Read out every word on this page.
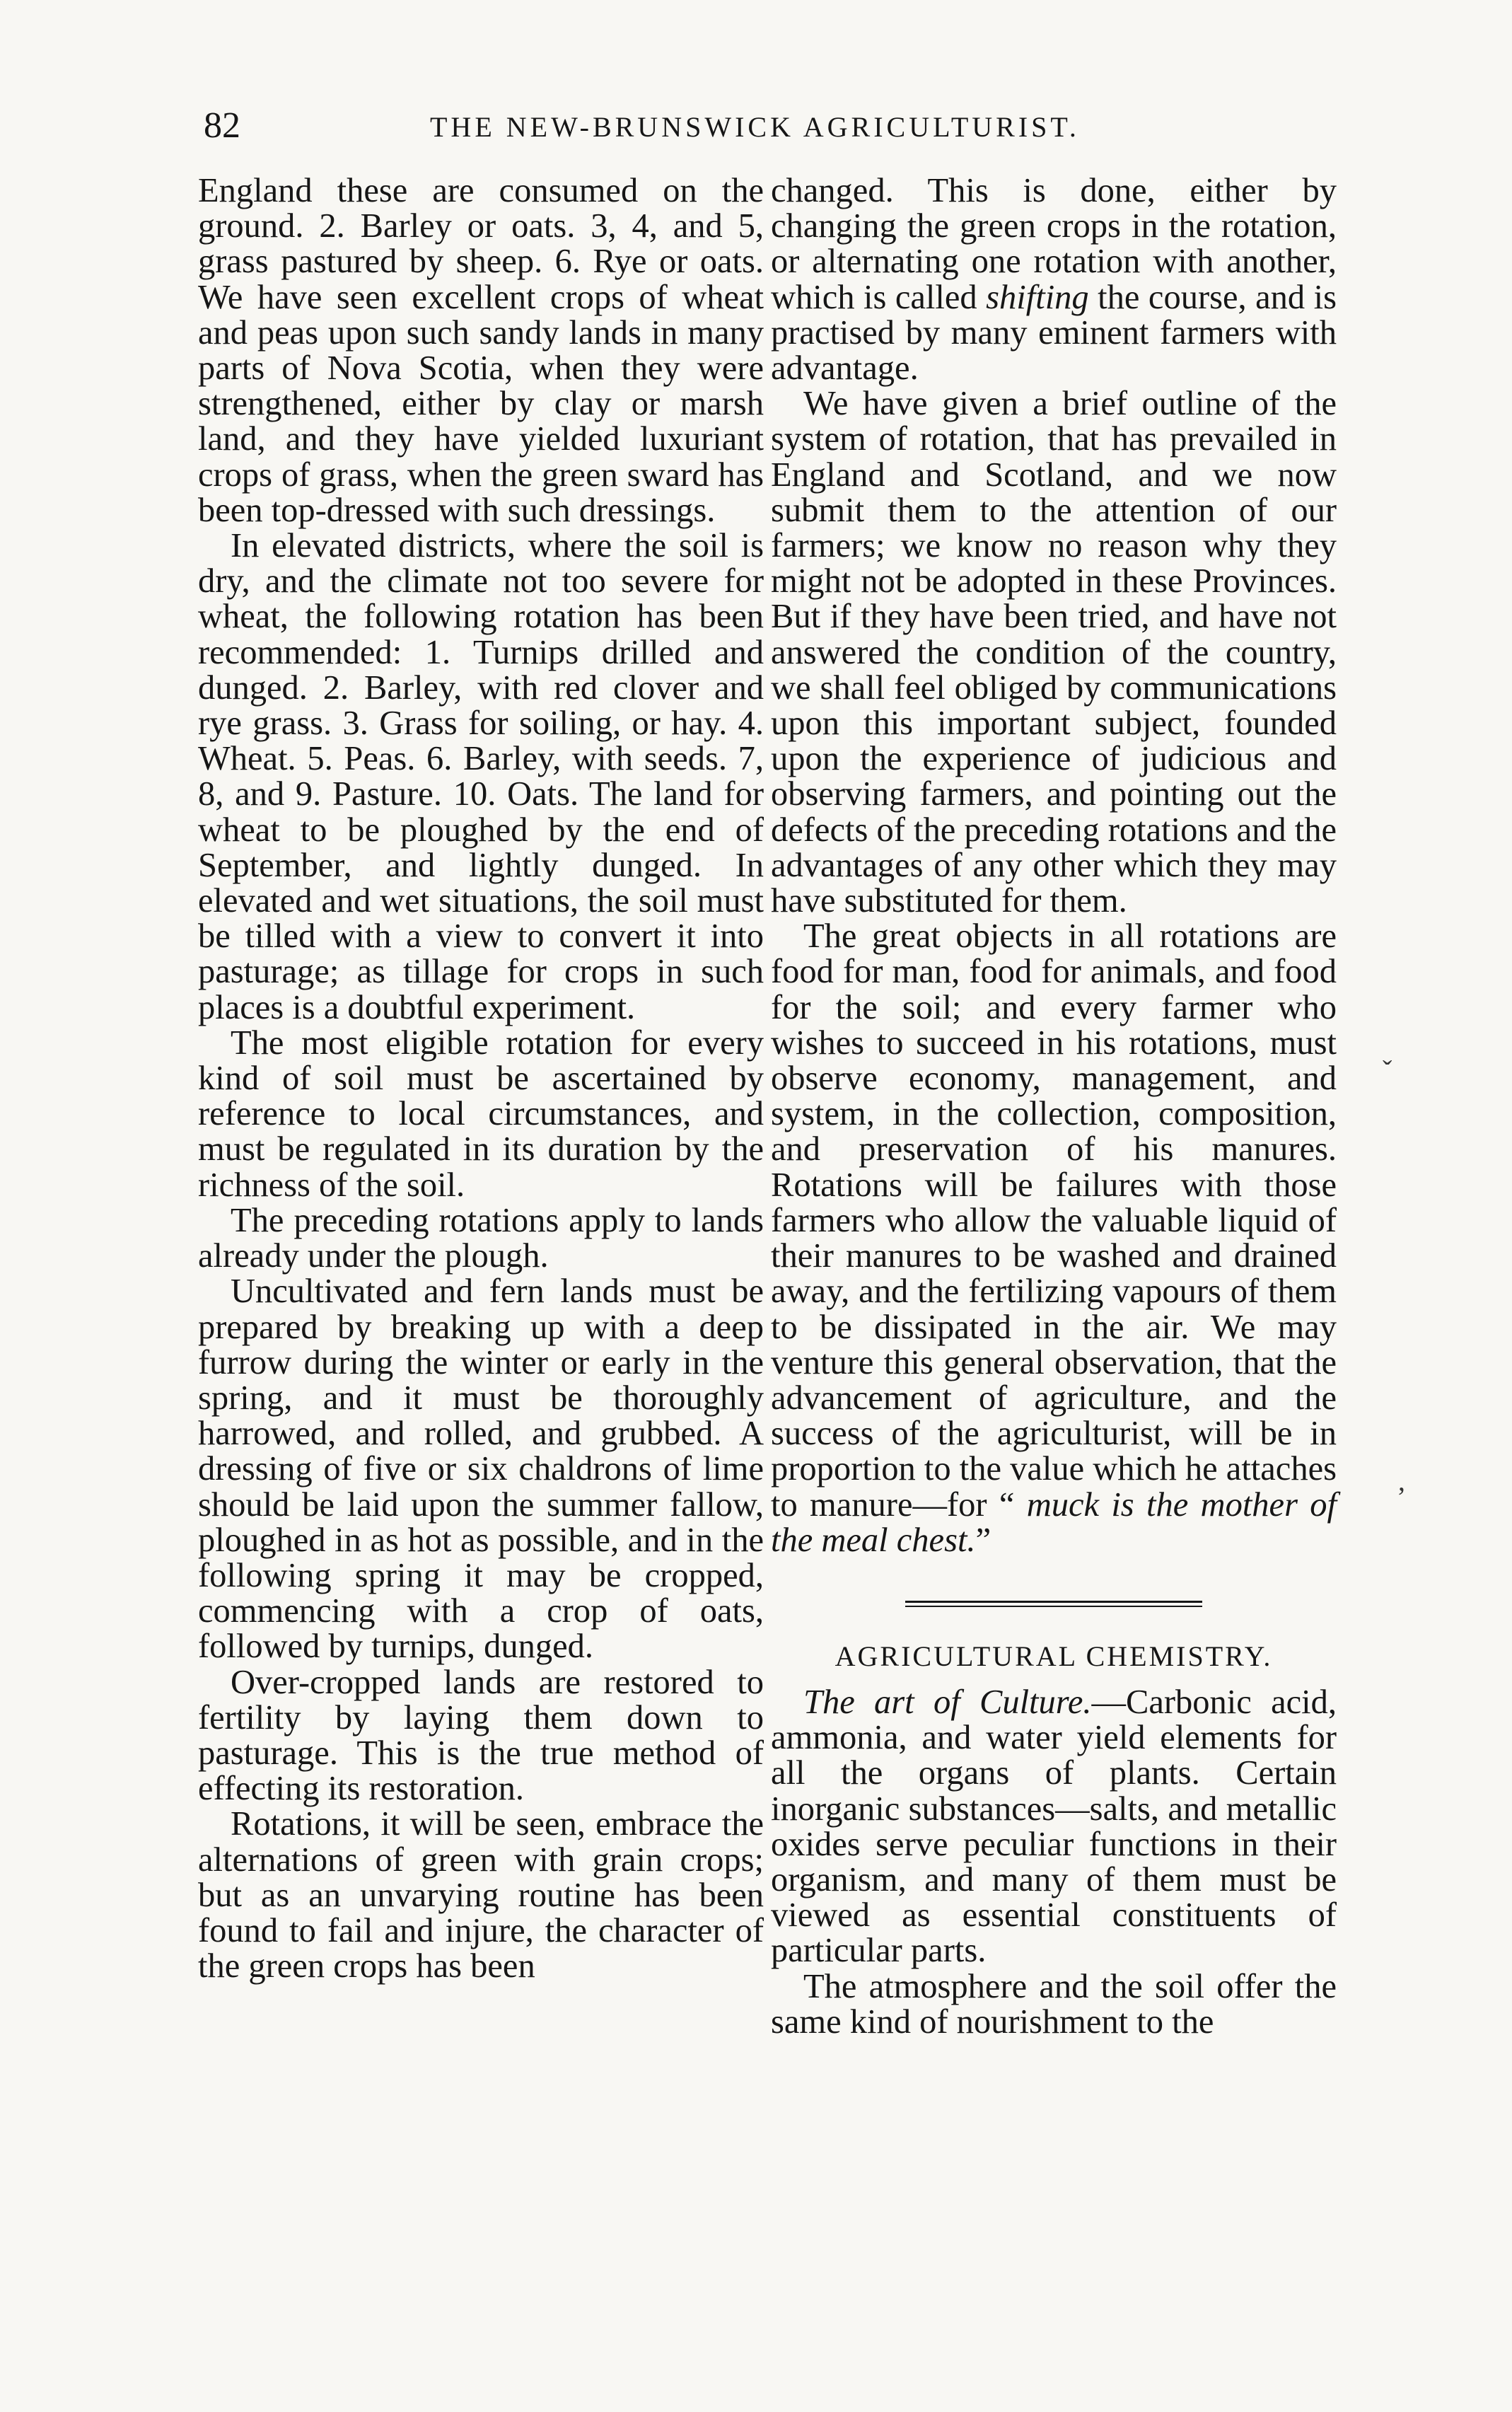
82	THE NEW-BRUNSWICK AGRICULTURIST.

England these are consumed on the ground. 2. Barley or oats. 3, 4, and 5, grass pastured by sheep. 6. Rye or oats. We have seen excellent crops of wheat and peas upon such sandy lands in many parts of Nova Scotia, when they were strengthened, either by clay or marsh land, and they have yielded luxuriant crops of grass, when the green sward has been top-dressed with such dressings.

In elevated districts, where the soil is dry, and the climate not too severe for wheat, the following rotation has been recommended: 1. Turnips drilled and dunged. 2. Barley, with red clover and rye grass. 3. Grass for soiling, or hay. 4. Wheat. 5. Peas. 6. Barley, with seeds. 7, 8, and 9. Pasture. 10. Oats. The land for wheat to be ploughed by the end of September, and lightly dunged. In elevated and wet situations, the soil must be tilled with a view to convert it into pasturage; as tillage for crops in such places is a doubtful experiment.

The most eligible rotation for every kind of soil must be ascertained by reference to local circumstances, and must be regulated in its duration by the richness of the soil.

The preceding rotations apply to lands already under the plough.

Uncultivated and fern lands must be prepared by breaking up with a deep furrow during the winter or early in the spring, and it must be thoroughly harrowed, and rolled, and grubbed. A dressing of five or six chaldrons of lime should be laid upon the summer fallow, ploughed in as hot as possible, and in the following spring it may be cropped, commencing with a crop of oats, followed by turnips, dunged.

Over-cropped lands are restored to fertility by laying them down to pasturage. This is the true method of effecting its restoration.

Rotations, it will be seen, embrace the alternations of green with grain crops; but as an unvarying routine has been found to fail and injure, the character of the green crops has been

changed. This is done, either by changing the green crops in the rotation, or alternating one rotation with another, which is called shifting the course, and is practised by many eminent farmers with advantage.

We have given a brief outline of the system of rotation, that has prevailed in England and Scotland, and we now submit them to the attention of our farmers; we know no reason why they might not be adopted in these Provinces. But if they have been tried, and have not answered the condition of the country, we shall feel obliged by communications upon this important subject, founded upon the experience of judicious and observing farmers, and pointing out the defects of the preceding rotations and the advantages of any other which they may have substituted for them.

The great objects in all rotations are food for man, food for animals, and food for the soil; and every farmer who wishes to succeed in his rotations, must observe economy, management, and system, in the collection, composition, and preservation of his manures. Rotations will be failures with those farmers who allow the valuable liquid of their manures to be washed and drained away, and the fertilizing vapours of them to be dissipated in the air. We may venture this general observation, that the advancement of agriculture, and the success of the agriculturist, will be in proportion to the value which he attaches to manure—for “ muck is the mother of the meal chest.”

AGRICULTURAL CHEMISTRY.

The art of Culture.—Carbonic acid, ammonia, and water yield elements for all the organs of plants. Certain inorganic substances—salts, and metallic oxides serve peculiar functions in their organism, and many of them must be viewed as essential constituents of particular parts.

The atmosphere and the soil offer the same kind of nourishment to the

ˇ
‚
